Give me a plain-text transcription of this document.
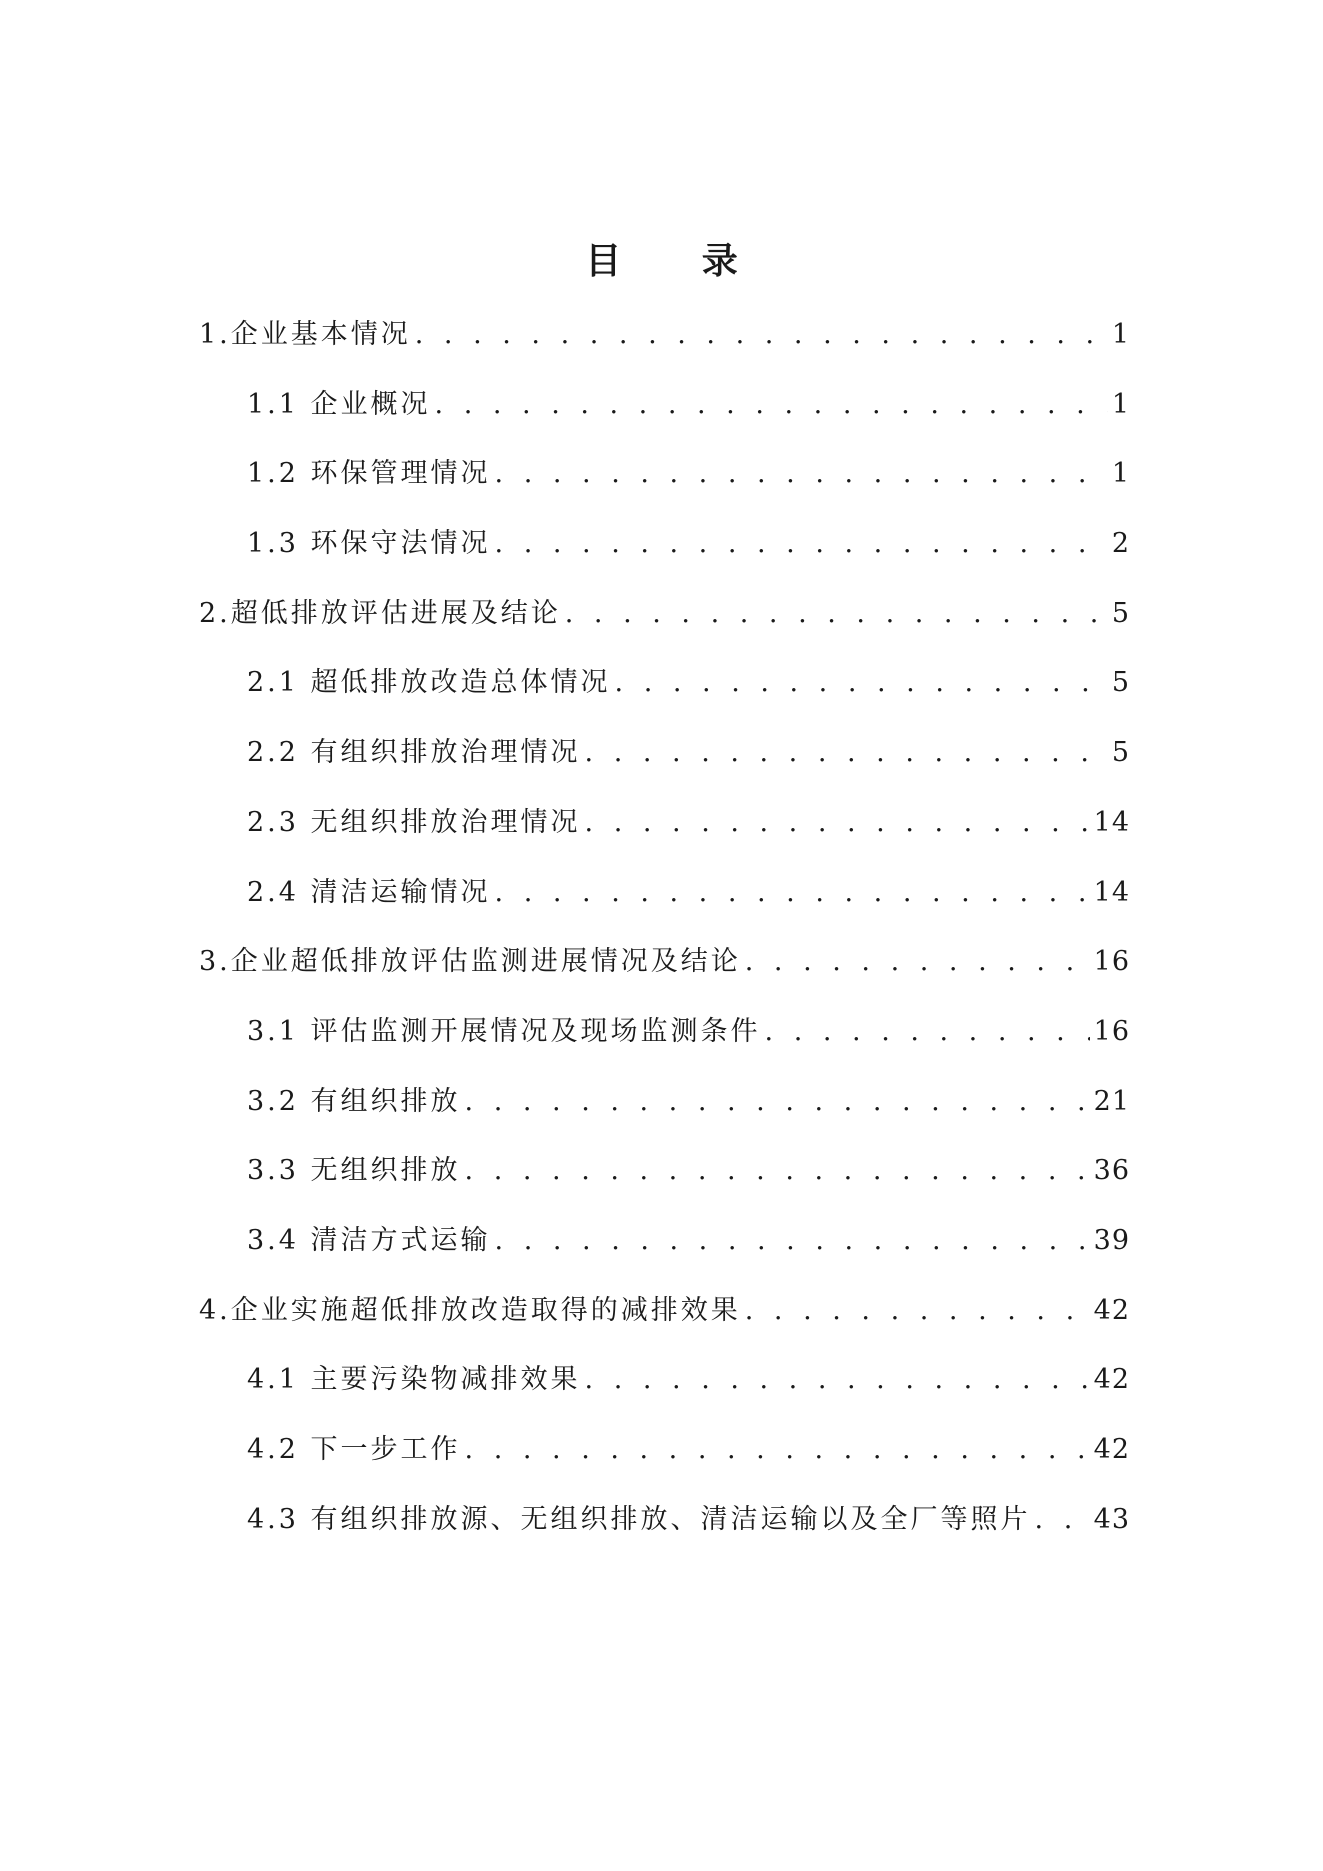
目 录
1.企业基本情况 . . .	1
1.1 企业概况 . . .	1
1.2 环保管理情况 . . .	1
1.3 环保守法情况 . . .	2
2.超低排放评估进展及结论 . . .	5
2.1 超低排放改造总体情况 . . .	5
2.2 有组织排放治理情况 . . .	5
2.3 无组织排放治理情况 . . .	14
2.4 清洁运输情况 . . .	14
3.企业超低排放评估监测进展情况及结论 . . .	16
3.1 评估监测开展情况及现场监测条件 . . .	16
3.2 有组织排放 . . .	21
3.3 无组织排放 . . .	36
3.4 清洁方式运输 . . .	39
4.企业实施超低排放改造取得的减排效果 . . .	42
4.1 主要污染物减排效果 . . .	42
4.2 下一步工作 . . .	42
4.3 有组织排放源、无组织排放、清洁运输以及全厂等照片 . . . 43
